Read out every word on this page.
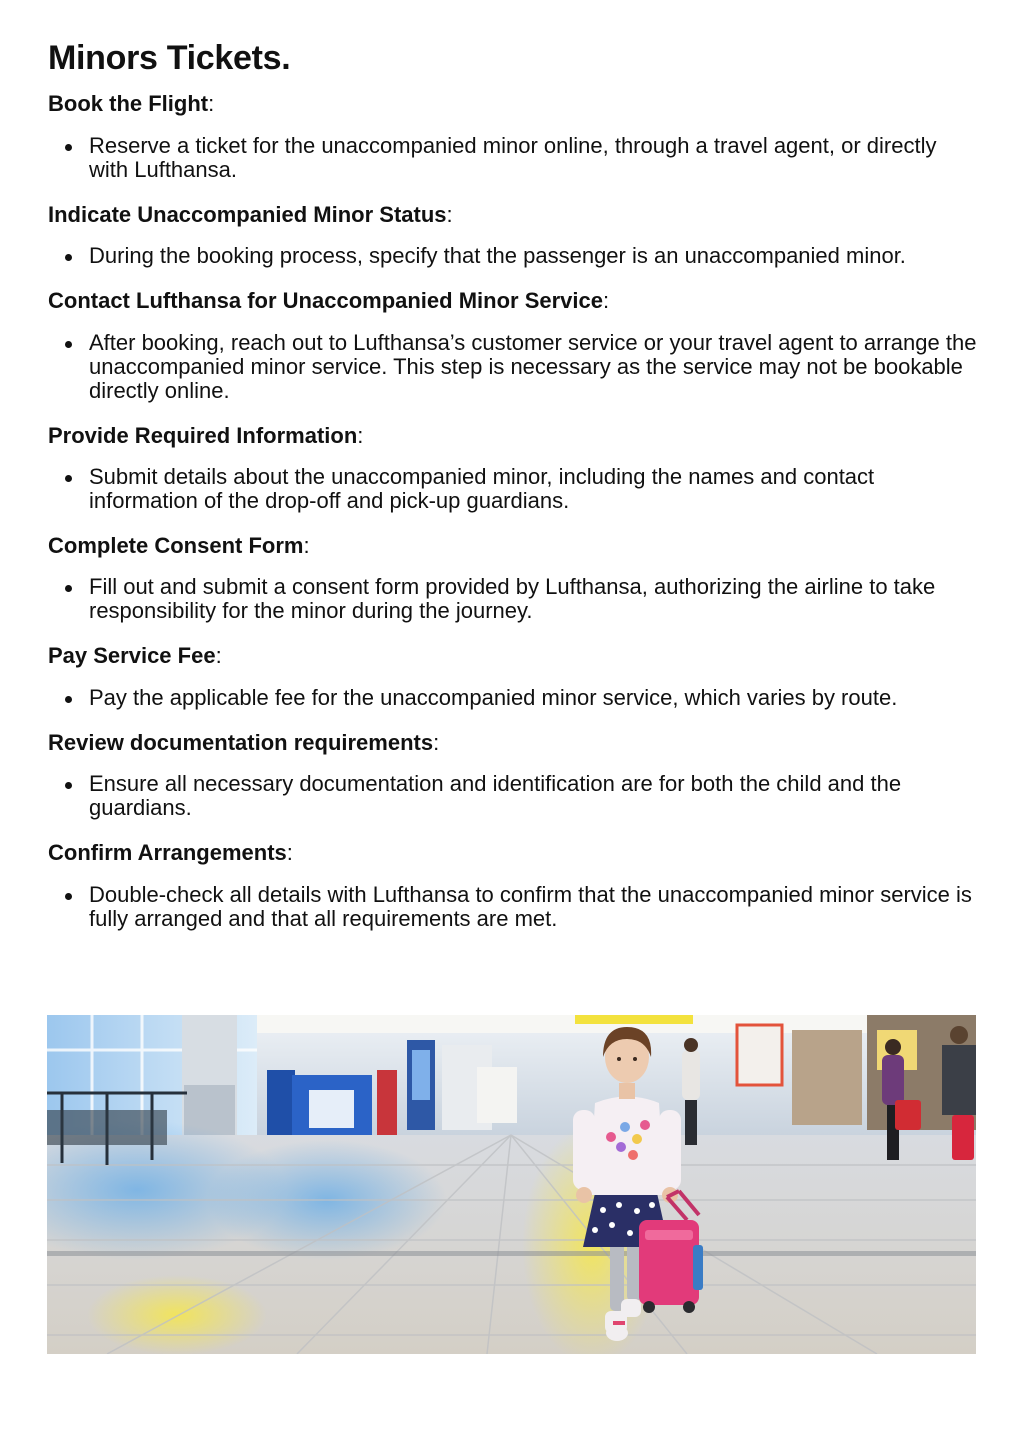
Minors Tickets.

Book the Flight:

Reserve a ticket for the unaccompanied minor online, through a travel agent, or directly with Lufthansa.

Indicate Unaccompanied Minor Status:

During the booking process, specify that the passenger is an unaccompanied minor.

Contact Lufthansa for Unaccompanied Minor Service:

After booking, reach out to Lufthansa’s customer service or your travel agent to arrange the unaccompanied minor service. This step is necessary as the service may not be bookable directly online.

Provide Required Information:

Submit details about the unaccompanied minor, including the names and contact information of the drop-off and pick-up guardians.

Complete Consent Form:

Fill out and submit a consent form provided by Lufthansa, authorizing the airline to take responsibility for the minor during the journey.

Pay Service Fee:

Pay the applicable fee for the unaccompanied minor service, which varies by route.

Review documentation requirements:

Ensure all necessary documentation and identification are for both the child and the guardians.

Confirm Arrangements:

Double-check all details with Lufthansa to confirm that the unaccompanied minor service is fully arranged and that all requirements are met.
